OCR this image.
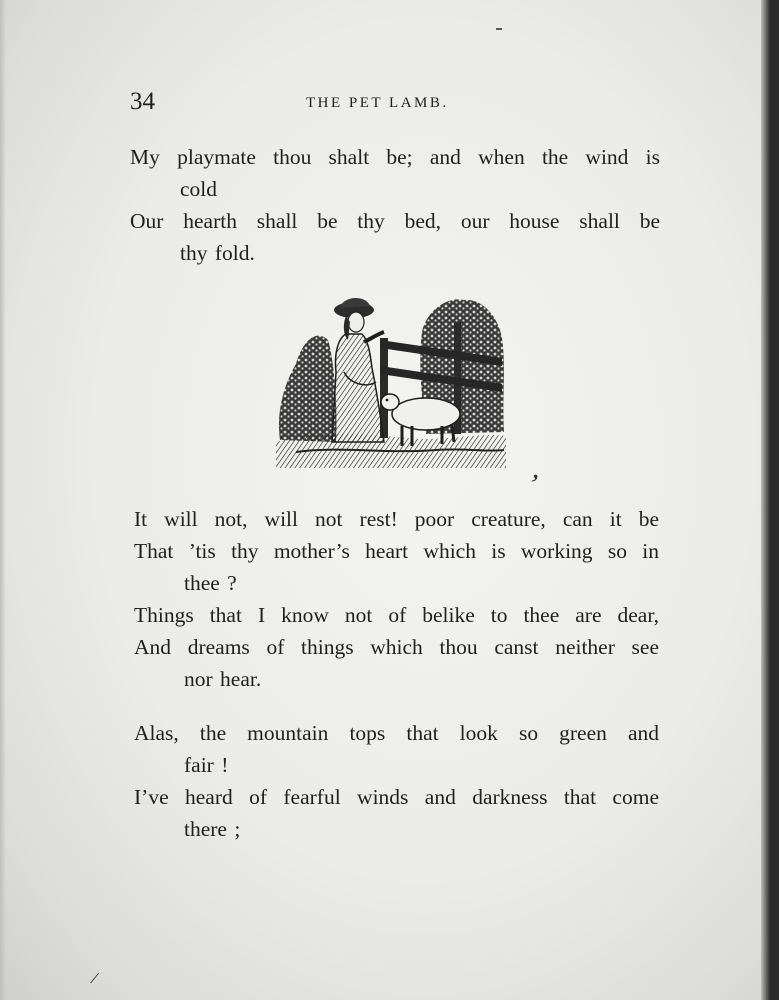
34	THE PET LAMB.
My playmate thou shalt be; and when the wind is
cold
Our hearth shall be thy bed, our house shall be
thy fold.
It will not, will not rest! poor creature, can it be
That ’tis thy mother’s heart which is working so in
thee ?
Things that I know not of belike to thee are dear,
And dreams of things which thou canst neither see
nor hear.
Alas, the mountain tops that look so green and
fair !
I’ve heard of fearful winds and darkness that come
there ;
,
/
